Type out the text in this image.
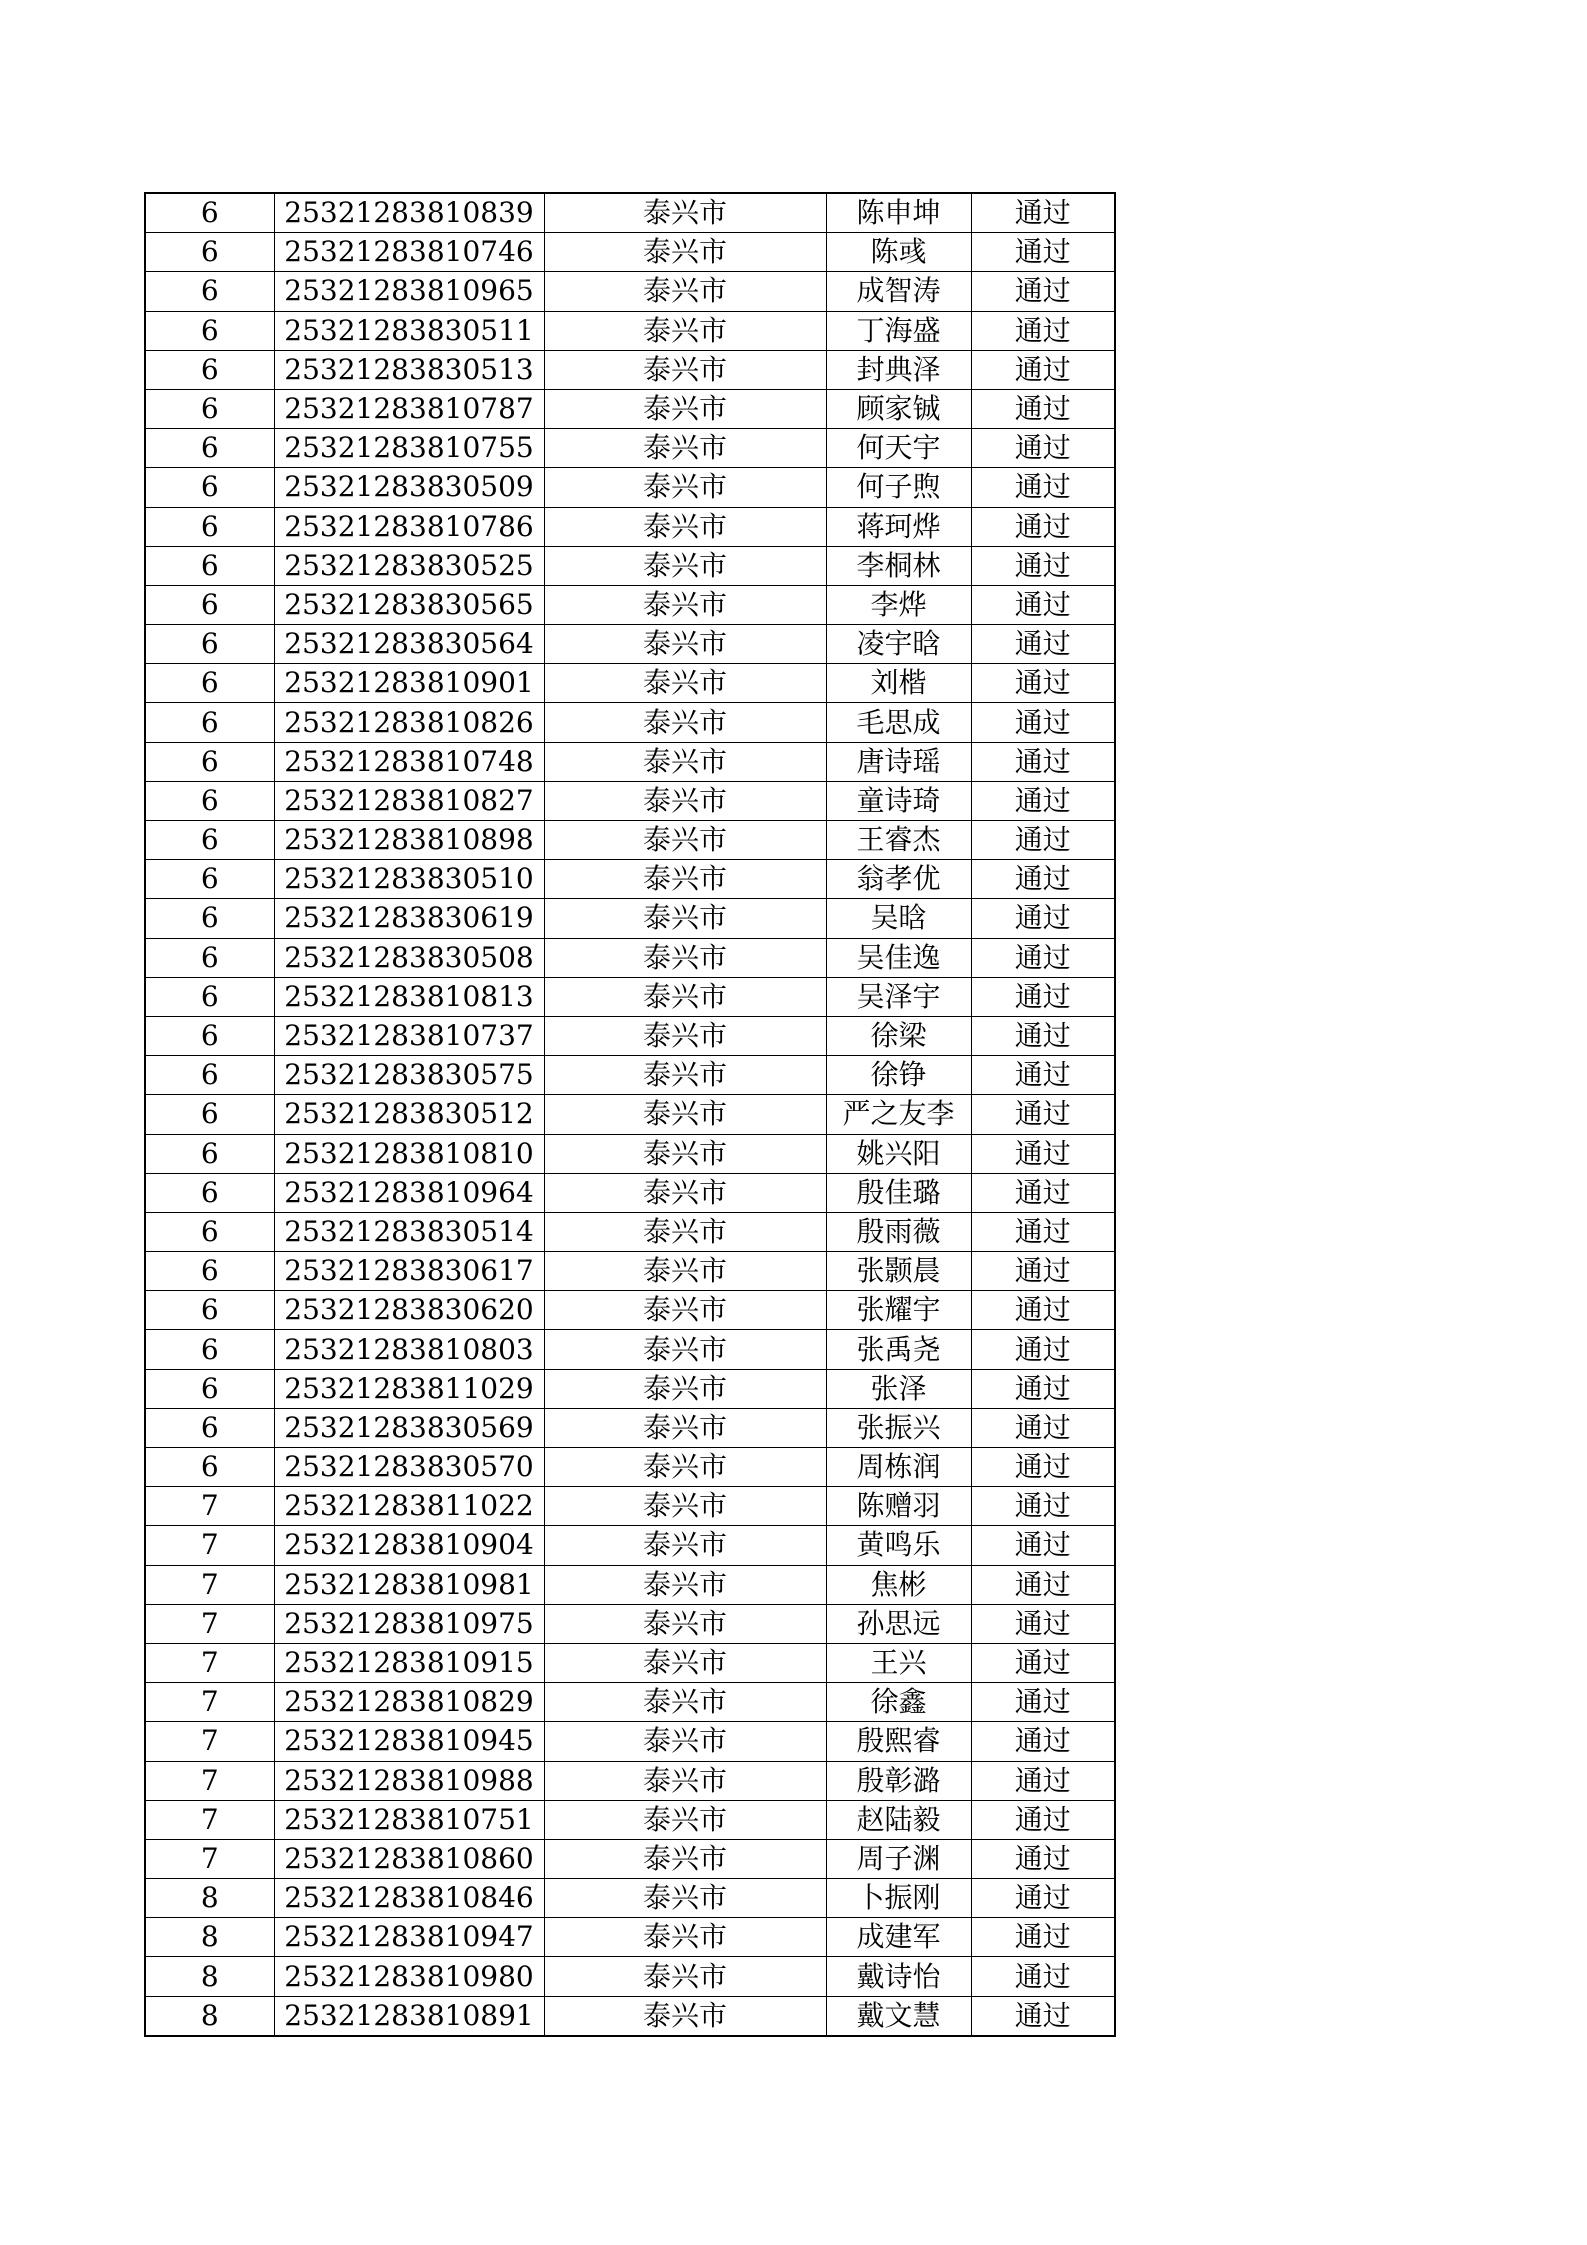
6	25321283810839	泰兴市	陈申坤	通过
6	25321283810746	泰兴市	陈彧	通过
6	25321283810965	泰兴市	成智涛	通过
6	25321283830511	泰兴市	丁海盛	通过
6	25321283830513	泰兴市	封典泽	通过
6	25321283810787	泰兴市	顾家铖	通过
6	25321283810755	泰兴市	何天宇	通过
6	25321283830509	泰兴市	何子煦	通过
6	25321283810786	泰兴市	蒋珂烨	通过
6	25321283830525	泰兴市	李桐林	通过
6	25321283830565	泰兴市	李烨	通过
6	25321283830564	泰兴市	凌宇晗	通过
6	25321283810901	泰兴市	刘楷	通过
6	25321283810826	泰兴市	毛思成	通过
6	25321283810748	泰兴市	唐诗瑶	通过
6	25321283810827	泰兴市	童诗琦	通过
6	25321283810898	泰兴市	王睿杰	通过
6	25321283830510	泰兴市	翁孝优	通过
6	25321283830619	泰兴市	吴晗	通过
6	25321283830508	泰兴市	吴佳逸	通过
6	25321283810813	泰兴市	吴泽宇	通过
6	25321283810737	泰兴市	徐梁	通过
6	25321283830575	泰兴市	徐铮	通过
6	25321283830512	泰兴市	严之友李	通过
6	25321283810810	泰兴市	姚兴阳	通过
6	25321283810964	泰兴市	殷佳璐	通过
6	25321283830514	泰兴市	殷雨薇	通过
6	25321283830617	泰兴市	张颢晨	通过
6	25321283830620	泰兴市	张耀宇	通过
6	25321283810803	泰兴市	张禹尧	通过
6	25321283811029	泰兴市	张泽	通过
6	25321283830569	泰兴市	张振兴	通过
6	25321283830570	泰兴市	周栋润	通过
7	25321283811022	泰兴市	陈赠羽	通过
7	25321283810904	泰兴市	黄鸣乐	通过
7	25321283810981	泰兴市	焦彬	通过
7	25321283810975	泰兴市	孙思远	通过
7	25321283810915	泰兴市	王兴	通过
7	25321283810829	泰兴市	徐鑫	通过
7	25321283810945	泰兴市	殷熙睿	通过
7	25321283810988	泰兴市	殷彰潞	通过
7	25321283810751	泰兴市	赵陆毅	通过
7	25321283810860	泰兴市	周子渊	通过
8	25321283810846	泰兴市	卜振刚	通过
8	25321283810947	泰兴市	成建军	通过
8	25321283810980	泰兴市	戴诗怡	通过
8	25321283810891	泰兴市	戴文慧	通过
